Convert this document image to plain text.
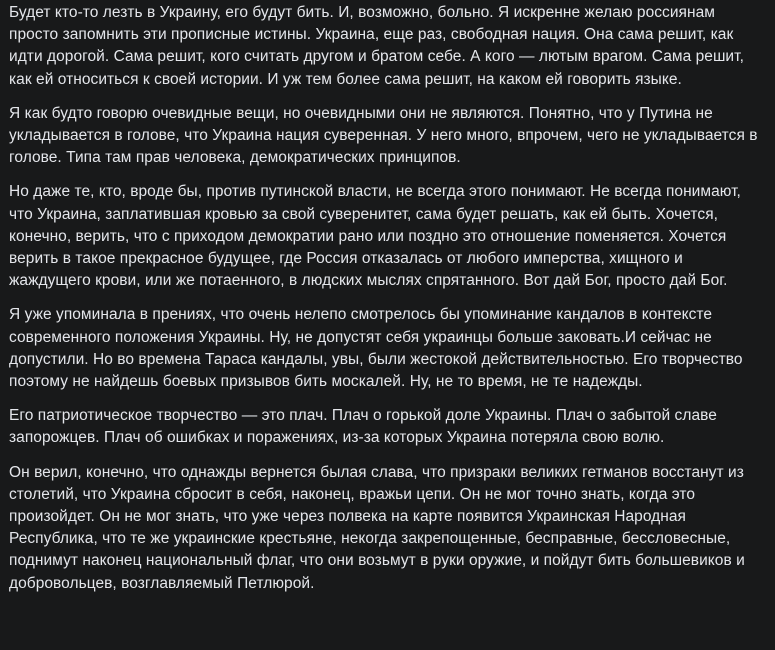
Будет кто-то лезть в Украину, его будут бить. И, возможно, больно. Я искренне желаю россиянам просто запомнить эти прописные истины. Украина, еще раз, свободная нация. Она сама решит, как идти дорогой. Сама решит, кого считать другом и братом себе. А кого — лютым врагом. Сама решит, как ей относиться к своей истории. И уж тем более сама решит, на каком ей говорить языке.

Я как будто говорю очевидные вещи, но очевидными они не являются. Понятно, что у Путина не укладывается в голове, что Украина нация суверенная. У него много, впрочем, чего не укладывается в голове. Типа там прав человека, демократических принципов.

Но даже те, кто, вроде бы, против путинской власти, не всегда этого понимают. Не всегда понимают, что Украина, заплатившая кровью за свой суверенитет, сама будет решать, как ей быть. Хочется, конечно, верить, что с приходом демократии рано или поздно это отношение поменяется. Хочется верить в такое прекрасное будущее, где Россия отказалась от любого имперства, хищного и жаждущего крови, или же потаенного, в людских мыслях спрятанного. Вот дай Бог, просто дай Бог.

Я уже упоминала в прениях, что очень нелепо смотрелось бы упоминание кандалов в контексте современного положения Украины. Ну, не допустят себя украинцы больше заковать.И сейчас не допустили. Но во времена Тараса кандалы, увы, были жестокой действительностью. Его творчество поэтому не найдешь боевых призывов бить москалей. Ну, не то время, не те надежды.

Его патриотическое творчество — это плач. Плач о горькой доле Украины. Плач о забытой славе запорожцев. Плач об ошибках и поражениях, из-за которых Украина потеряла свою волю.

Он верил, конечно, что однажды вернется былая слава, что призраки великих гетманов восстанут из столетий, что Украина сбросит в себя, наконец, вражьи цепи. Он не мог точно знать, когда это произойдет. Он не мог знать, что уже через полвека на карте появится Украинская Народная Республика, что те же украинские крестьяне, некогда закрепощенные, бесправные, бессловесные, поднимут наконец национальный флаг, что они возьмут в руки оружие, и пойдут бить большевиков и добровольцев, возглавляемый Петлюрой.
